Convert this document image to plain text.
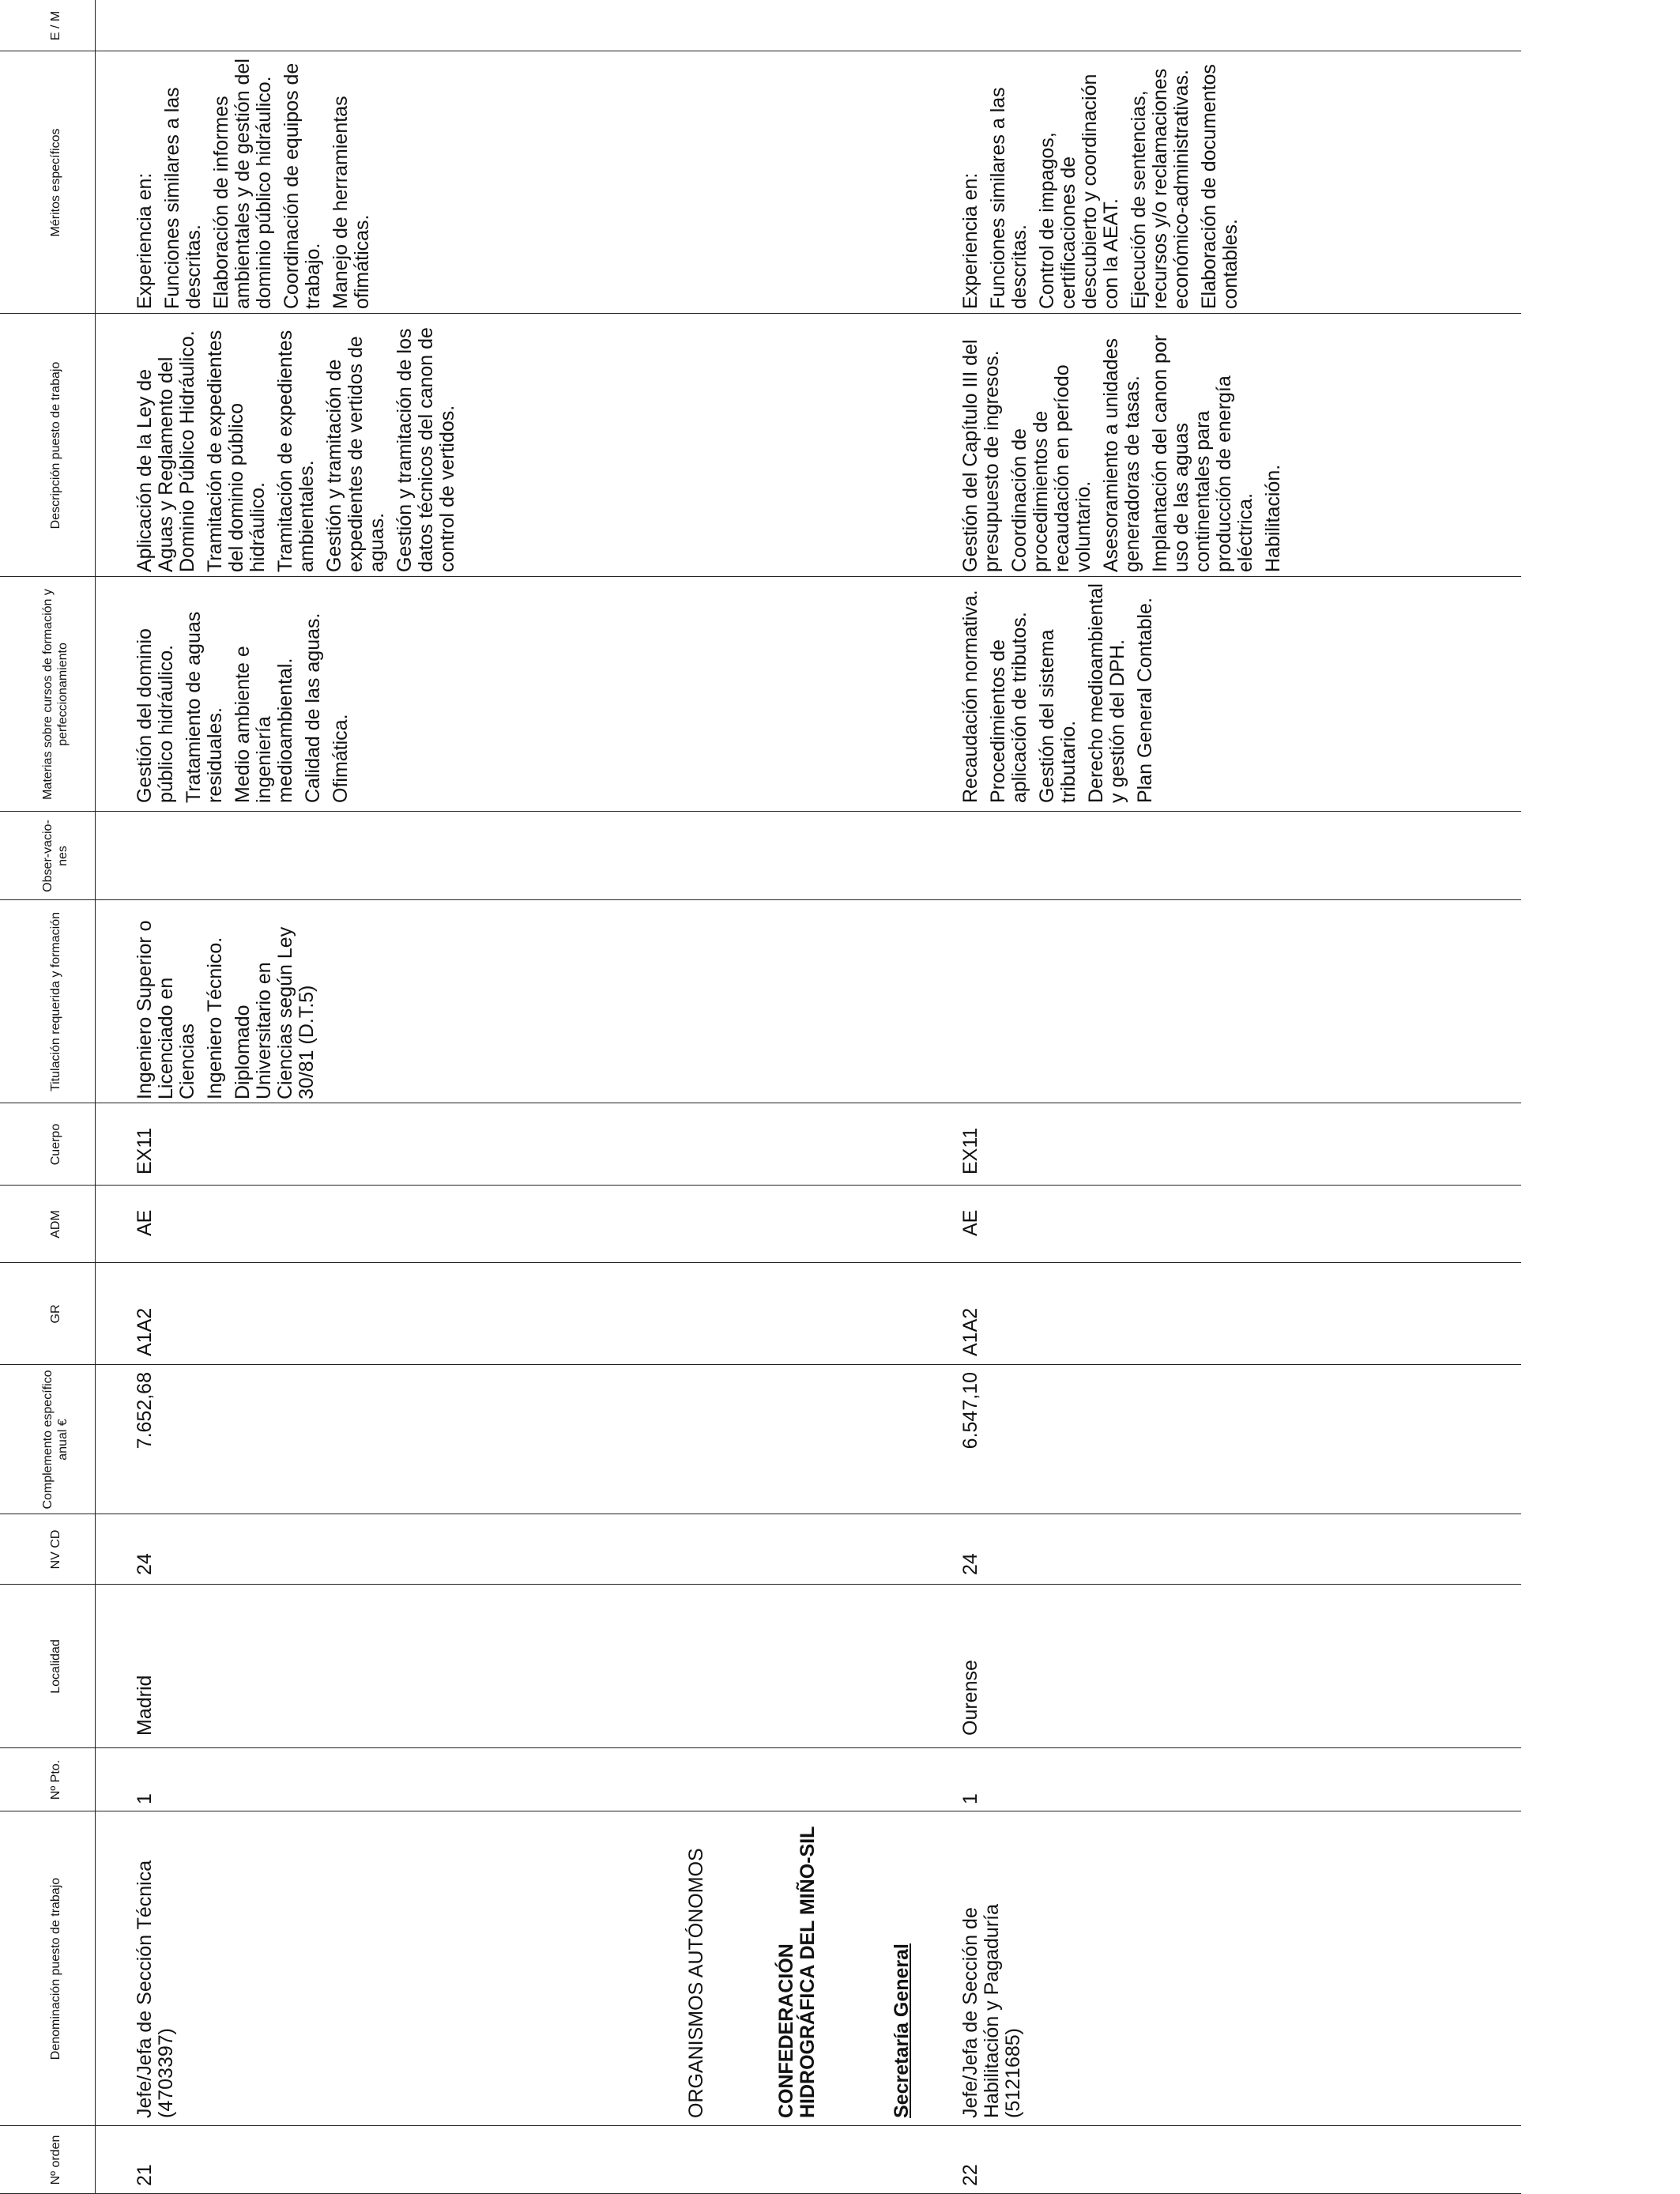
Nº orden
Denominación puesto de trabajo
Nº Pto.
Localidad
NV CD
Complemento específico anual €
GR
ADM
Cuerpo
Titulación requerida y formación
Obser-vacio-nes
Materias sobre cursos de formación y perfeccionamiento
Descripción puesto de trabajo
Méritos específicos
E / M
21
Jefe/Jefa de Sección Técnica (4703397)
1
Madrid
24
7.652,68
A1A2
AE
EX11

Ingeniero Superior o Licenciado en Ciencias Ingeniero Técnico. Diplomado Universitario en Ciencias según Ley 30/81 (D.T.5)

Gestión del dominio público hidráulico. Tratamiento de aguas residuales. Medio ambiente e ingeniería medioambiental. Calidad de las aguas. Ofimática.

Aplicación de la Ley de Aguas y Reglamento del Dominio Público Hidráulico. Tramitación de expedientes del dominio público hidráulico. Tramitación de expedientes ambientales. Gestión y tramitación de expedientes de vertidos de aguas. Gestión y tramitación de los datos técnicos del canon de control de vertidos.

Experiencia en: Funciones similares a las descritas. Elaboración de informes ambientales y de gestión del dominio público hidráulico. Coordinación de equipos de trabajo. Manejo de herramientas ofimáticas.

ORGANISMOS AUTÓNOMOS	CONFEDERACIÓN HIDROGRÁFICA DEL MIÑO-SIL	Secretaría General
22
Jefe/Jefa de Sección de Habilitación y Pagaduría (5121685)
1
Ourense
24
6.547,10
A1A2
AE
EX11

Recaudación normativa. Procedimientos de aplicación de tributos. Gestión del sistema tributario. Derecho medioambiental y gestión del DPH. Plan General Contable.

Gestión del Capítulo III del presupuesto de ingresos. Coordinación de procedimientos de recaudación en período voluntario. Asesoramiento a unidades generadoras de tasas. Implantación del canon por uso de las aguas continentales para producción de energía eléctrica. Habilitación.

Experiencia en: Funciones similares a las descritas. Control de impagos, certificaciones de descubierto y coordinación con la AEAT. Ejecución de sentencias, recursos y/o reclamaciones económico-administrativas. Elaboración de documentos contables.
